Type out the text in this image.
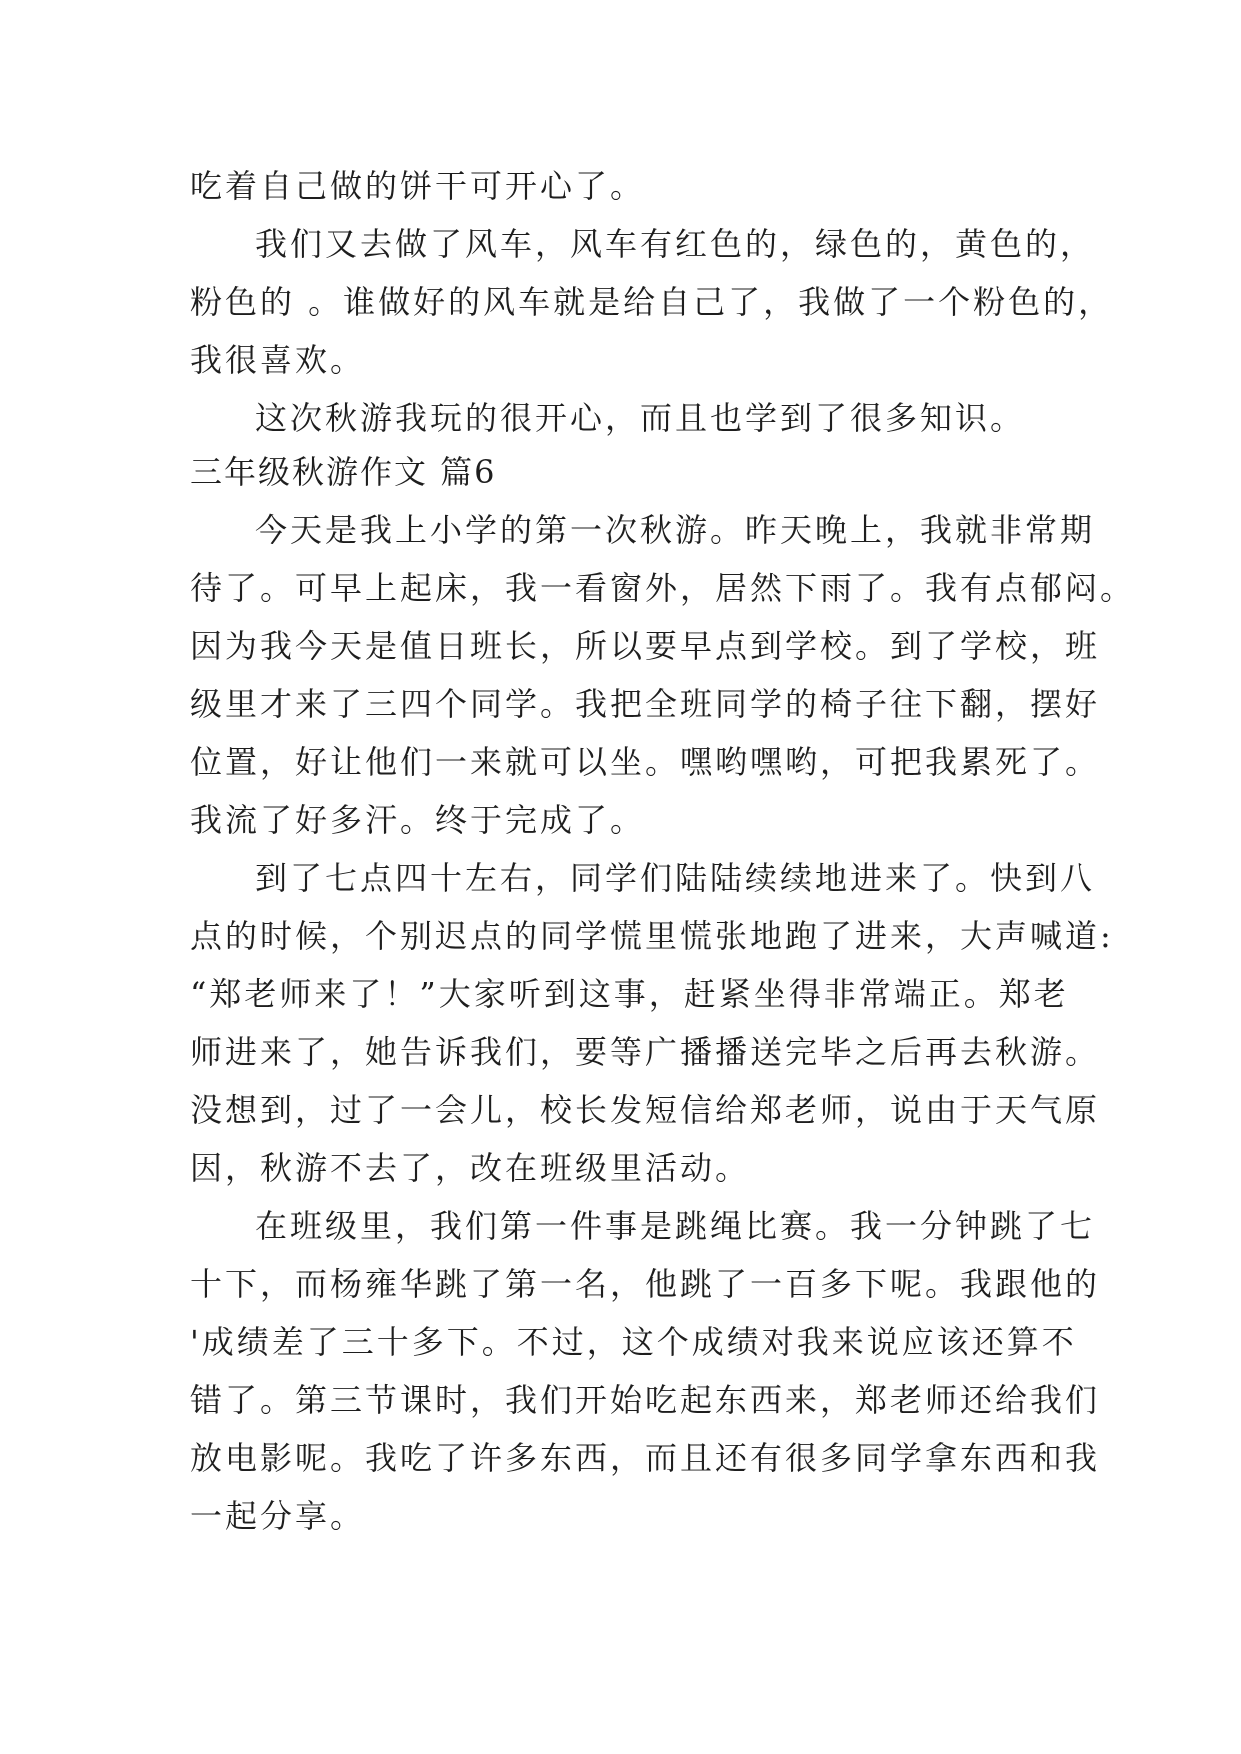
吃着自己做的饼干可开心了。
我们又去做了风车，风车有红色的，绿色的，黄色的，
粉色的 。谁做好的风车就是给自己了，我做了一个粉色的，
我很喜欢。
这次秋游我玩的很开心，而且也学到了很多知识。
三年级秋游作文 篇6
今天是我上小学的第一次秋游。昨天晚上，我就非常期
待了。可早上起床，我一看窗外，居然下雨了。我有点郁闷。
因为我今天是值日班长，所以要早点到学校。到了学校，班
级里才来了三四个同学。我把全班同学的椅子往下翻，摆好
位置，好让他们一来就可以坐。嘿哟嘿哟，可把我累死了。
我流了好多汗。终于完成了。
到了七点四十左右，同学们陆陆续续地进来了。快到八
点的时候，个别迟点的同学慌里慌张地跑了进来，大声喊道:
“郑老师来了！”大家听到这事，赶紧坐得非常端正。郑老
师进来了，她告诉我们，要等广播播送完毕之后再去秋游。
没想到，过了一会儿，校长发短信给郑老师，说由于天气原
因，秋游不去了，改在班级里活动。
在班级里，我们第一件事是跳绳比赛。我一分钟跳了七
十下，而杨雍华跳了第一名，他跳了一百多下呢。我跟他的
'成绩差了三十多下。不过，这个成绩对我来说应该还算不
错了。第三节课时，我们开始吃起东西来，郑老师还给我们
放电影呢。我吃了许多东西，而且还有很多同学拿东西和我
一起分享。
